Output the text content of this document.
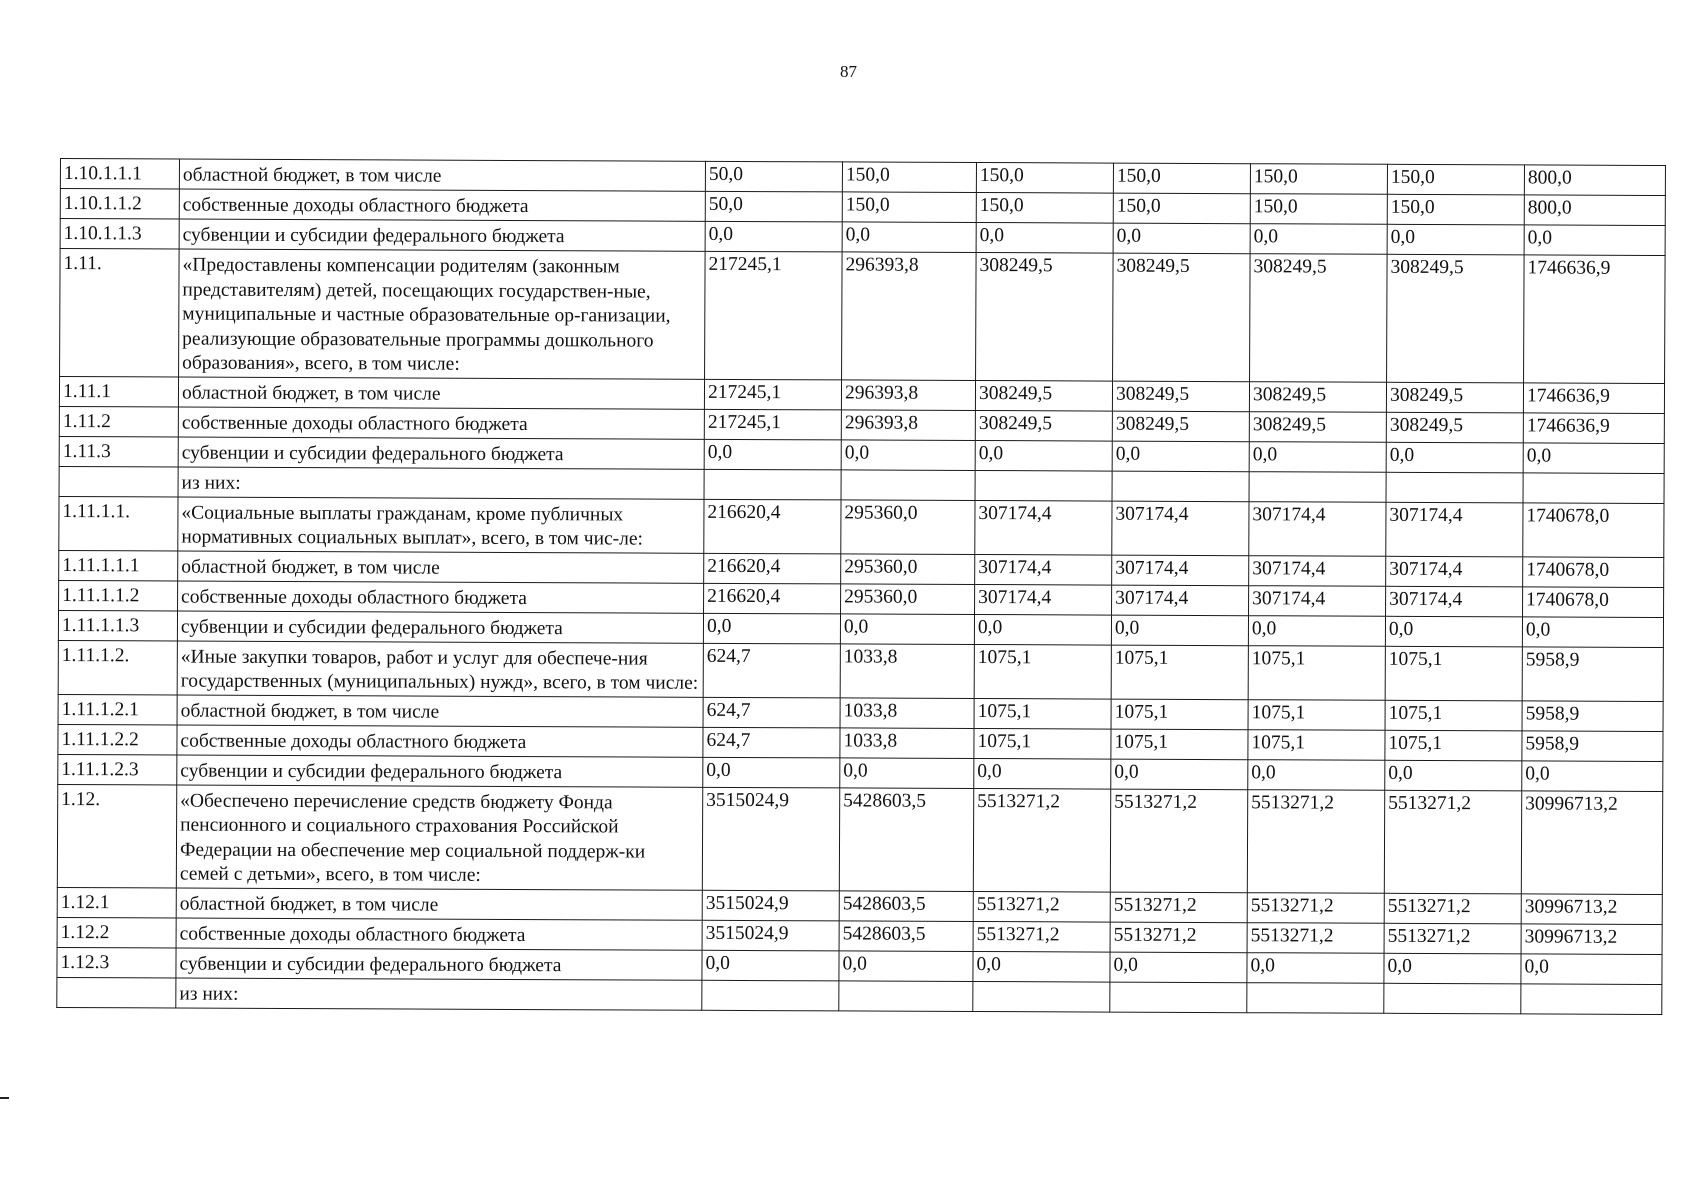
87
1.10.1.1.1	областной бюджет, в том числе	50,0	150,0	150,0	150,0	150,0	150,0	800,0
1.10.1.1.2	собственные доходы областного бюджета	50,0	150,0	150,0	150,0	150,0	150,0	800,0
1.10.1.1.3	субвенции и субсидии федерального бюджета	0,0	0,0	0,0	0,0	0,0	0,0	0,0
1.11.	«Предоставлены компенсации родителям (законным представителям) детей, посещающих государствен-ные, муниципальные и частные образовательные ор-ганизации, реализующие образовательные программы дошкольного образования», всего, в том числе:	217245,1	296393,8	308249,5	308249,5	308249,5	308249,5	1746636,9
1.11.1	областной бюджет, в том числе	217245,1	296393,8	308249,5	308249,5	308249,5	308249,5	1746636,9
1.11.2	собственные доходы областного бюджета	217245,1	296393,8	308249,5	308249,5	308249,5	308249,5	1746636,9
1.11.3	субвенции и субсидии федерального бюджета	0,0	0,0	0,0	0,0	0,0	0,0	0,0
	из них:							
1.11.1.1.	«Социальные выплаты гражданам, кроме публичных нормативных социальных выплат», всего, в том чис-ле:	216620,4	295360,0	307174,4	307174,4	307174,4	307174,4	1740678,0
1.11.1.1.1	областной бюджет, в том числе	216620,4	295360,0	307174,4	307174,4	307174,4	307174,4	1740678,0
1.11.1.1.2	собственные доходы областного бюджета	216620,4	295360,0	307174,4	307174,4	307174,4	307174,4	1740678,0
1.11.1.1.3	субвенции и субсидии федерального бюджета	0,0	0,0	0,0	0,0	0,0	0,0	0,0
1.11.1.2.	«Иные закупки товаров, работ и услуг для обеспече-ния государственных (муниципальных) нужд», всего, в том числе:	624,7	1033,8	1075,1	1075,1	1075,1	1075,1	5958,9
1.11.1.2.1	областной бюджет, в том числе	624,7	1033,8	1075,1	1075,1	1075,1	1075,1	5958,9
1.11.1.2.2	собственные доходы областного бюджета	624,7	1033,8	1075,1	1075,1	1075,1	1075,1	5958,9
1.11.1.2.3	субвенции и субсидии федерального бюджета	0,0	0,0	0,0	0,0	0,0	0,0	0,0
1.12.	«Обеспечено перечисление средств бюджету Фонда пенсионного и социального страхования Российской Федерации на обеспечение мер социальной поддерж-ки семей с детьми», всего, в том числе:	3515024,9	5428603,5	5513271,2	5513271,2	5513271,2	5513271,2	30996713,2
1.12.1	областной бюджет, в том числе	3515024,9	5428603,5	5513271,2	5513271,2	5513271,2	5513271,2	30996713,2
1.12.2	собственные доходы областного бюджета	3515024,9	5428603,5	5513271,2	5513271,2	5513271,2	5513271,2	30996713,2
1.12.3	субвенции и субсидии федерального бюджета	0,0	0,0	0,0	0,0	0,0	0,0	0,0
	из них:							
